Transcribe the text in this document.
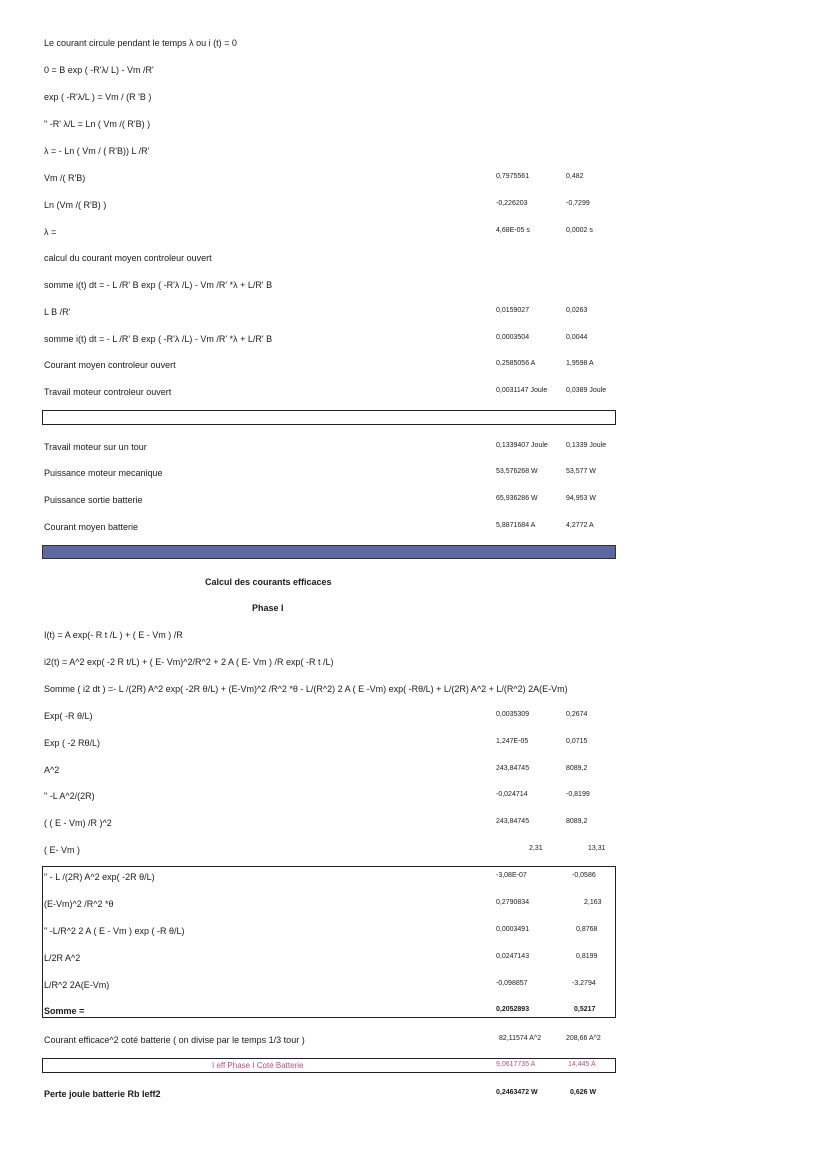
Le courant circule pendant le temps λ ou i (t) = 0
0 = B exp ( -R'λ/ L) - Vm /R'
exp ( -R'λ/L ) = Vm / (R 'B )
" -R' λ/L = Ln ( Vm /( R'B) )
λ = - Ln ( Vm / ( R'B)) L /R'
Vm /( R'B)	0,7975561	0,482
Ln (Vm /( R'B) )	-0,226203	-0,7299
λ =	4,68E-05 s	0,0002 s
calcul du courant moyen controleur ouvert
somme i(t) dt = - L /R' B exp ( -R'λ /L) - Vm /R' *λ + L/R' B
L B /R'	0,0159027	0,0263
somme i(t) dt = - L /R' B exp ( -R'λ /L) - Vm /R' *λ + L/R' B	0,0003504	0,0044
Courant moyen controleur ouvert	0,2585056 A	1,9598 A
Travail moteur controleur ouvert	0,0031147 Joule	0,0389 Joule
Travail moteur sur un tour	0,1339407 Joule	0,1339 Joule
Puissance moteur mecanique	53,576268 W	53,577 W
Puissance sortie batterie	65,936286 W	94,953 W
Courant moyen batterie	5,8871684 A	4,2772 A
Calcul des courants efficaces
Phase I
I(t) = A exp(- R t /L ) + ( E - Vm ) /R
i2(t) = A^2 exp( -2 R t/L) + ( E- Vm)^2/R^2 + 2 A ( E- Vm ) /R exp( -R t /L)
Somme ( i2 dt ) =- L /(2R) A^2 exp( -2R θ/L) + (E-Vm)^2 /R^2 *θ - L/(R^2) 2 A ( E -Vm) exp( -Rθ/L) + L/(2R) A^2 + L/(R^2) 2A(E-Vm)
Exp( -R θ/L)	0,0035309	0,2674
Exp ( -2 Rθ/L)	1,247E-05	0,0715
A^2	243,84745	8089,2
" -L A^2/(2R)	-0,024714	-0,8199
( ( E - Vm) /R )^2	243,84745	8089,2
( E- Vm )	2,31	13,31
" - L /(2R) A^2 exp( -2R θ/L)	-3,08E-07	-0,0586
(E-Vm)^2 /R^2 *θ	0,2790834	2,163
" -L/R^2 2 A ( E - Vm ) exp ( -R θ/L)	0,0003491	0,8768
L/2R A^2	0,0247143	0,8199
L/R^2 2A(E-Vm)	-0,098857	-3,2794
Somme =	0,2052893	0,5217
Courant efficace^2 coté batterie ( on divise par le temps 1/3 tour )	82,11574 A^2	208,66 A^2
I eff Phase I Coté Batterie	9,0617735 A	14,445 A
Perte joule batterie Rb Ieff2	0,2463472 W	0,626 W
